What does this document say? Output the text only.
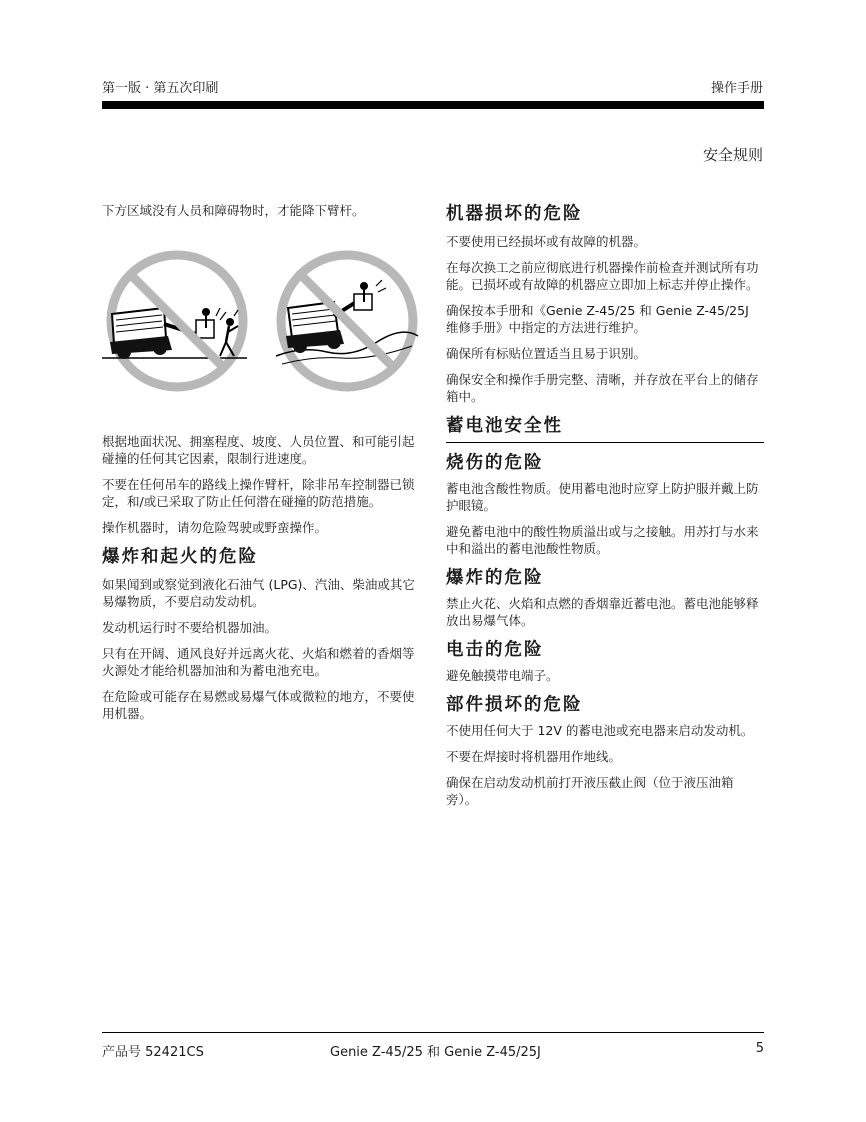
第一版 · 第五次印刷	操作手册
安全规则

下方区域没有人员和障碍物时，才能降下臂杆。

根据地面状况、拥塞程度、坡度、人员位置、和可能引起碰撞的任何其它因素，限制行进速度。

不要在任何吊车的路线上操作臂杆，除非吊车控制器已锁定，和/或已采取了防止任何潜在碰撞的防范措施。

操作机器时，请勿危险驾驶或野蛮操作。

爆炸和起火的危险

如果闻到或察觉到液化石油气 (LPG)、汽油、柴油或其它易爆物质，不要启动发动机。

发动机运行时不要给机器加油。

只有在开阔、通风良好并远离火花、火焰和燃着的香烟等火源处才能给机器加油和为蓄电池充电。

在危险或可能存在易燃或易爆气体或微粒的地方，不要使用机器。

机器损坏的危险

不要使用已经损坏或有故障的机器。

在每次换工之前应彻底进行机器操作前检查并测试所有功能。已损坏或有故障的机器应立即加上标志并停止操作。

确保按本手册和《Genie Z-45/25 和 Genie Z-45/25J 维修手册》中指定的方法进行维护。

确保所有标贴位置适当且易于识别。

确保安全和操作手册完整、清晰，并存放在平台上的储存箱中。

蓄电池安全性
烧伤的危险

蓄电池含酸性物质。使用蓄电池时应穿上防护服并戴上防护眼镜。

避免蓄电池中的酸性物质溢出或与之接触。用苏打与水来中和溢出的蓄电池酸性物质。

爆炸的危险

禁止火花、火焰和点燃的香烟靠近蓄电池。蓄电池能够释放出易爆气体。

电击的危险

避免触摸带电端子。

部件损坏的危险

不使用任何大于 12V 的蓄电池或充电器来启动发动机。

不要在焊接时将机器用作地线。

确保在启动发动机前打开液压截止阀（位于液压油箱旁）。

产品号 52421CS	Genie Z-45/25 和 Genie Z-45/25J	5
